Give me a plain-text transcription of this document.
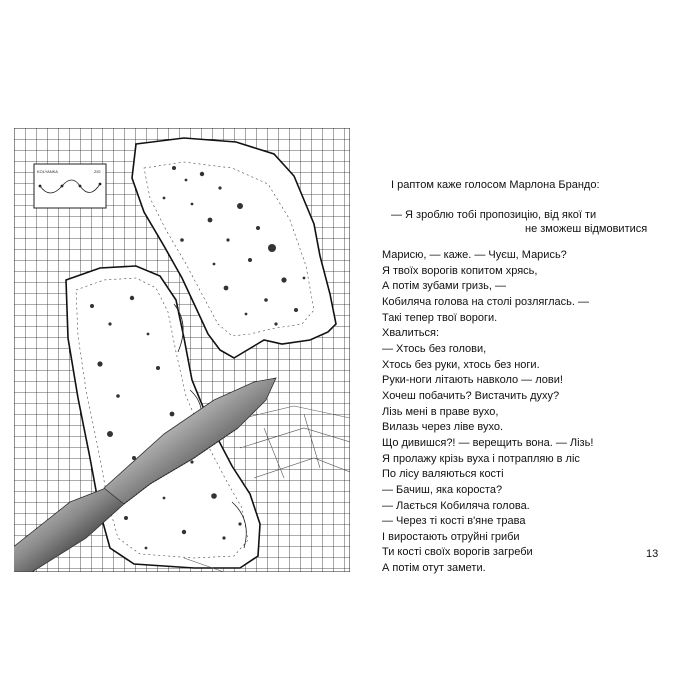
KOLYANKA	ZIG

І раптом каже голосом Марлона Брандо:

— Я зроблю тобі пропозицію, від якої ти
не зможеш відмовитися
Марисю, — каже. — Чуєш, Марись?
Я твоїх ворогів копитом хрясь,
А потім зубами гризь, —
Кобиляча голова на столі розляглась. —
Такі тепер твої вороги.
Хвалиться:
— Хтось без голови,
Хтось без руки, хтось без ноги.
Руки-ноги літають навколо — лови!
Хочеш побачить? Вистачить духу?
Лізь мені в праве вухо,
Вилазь через ліве вухо.
Що дивишся?! — верещить вона. — Лізь!
Я пролажу крізь вуха і потрапляю в ліс
По лісу валяються кості
— Бачиш, яка короста?
— Лається Кобиляча голова.
— Через ті кості в'яне трава
І виростають отруйні гриби
Ти кості своїх ворогів загреби
А потім отут замети.
13
